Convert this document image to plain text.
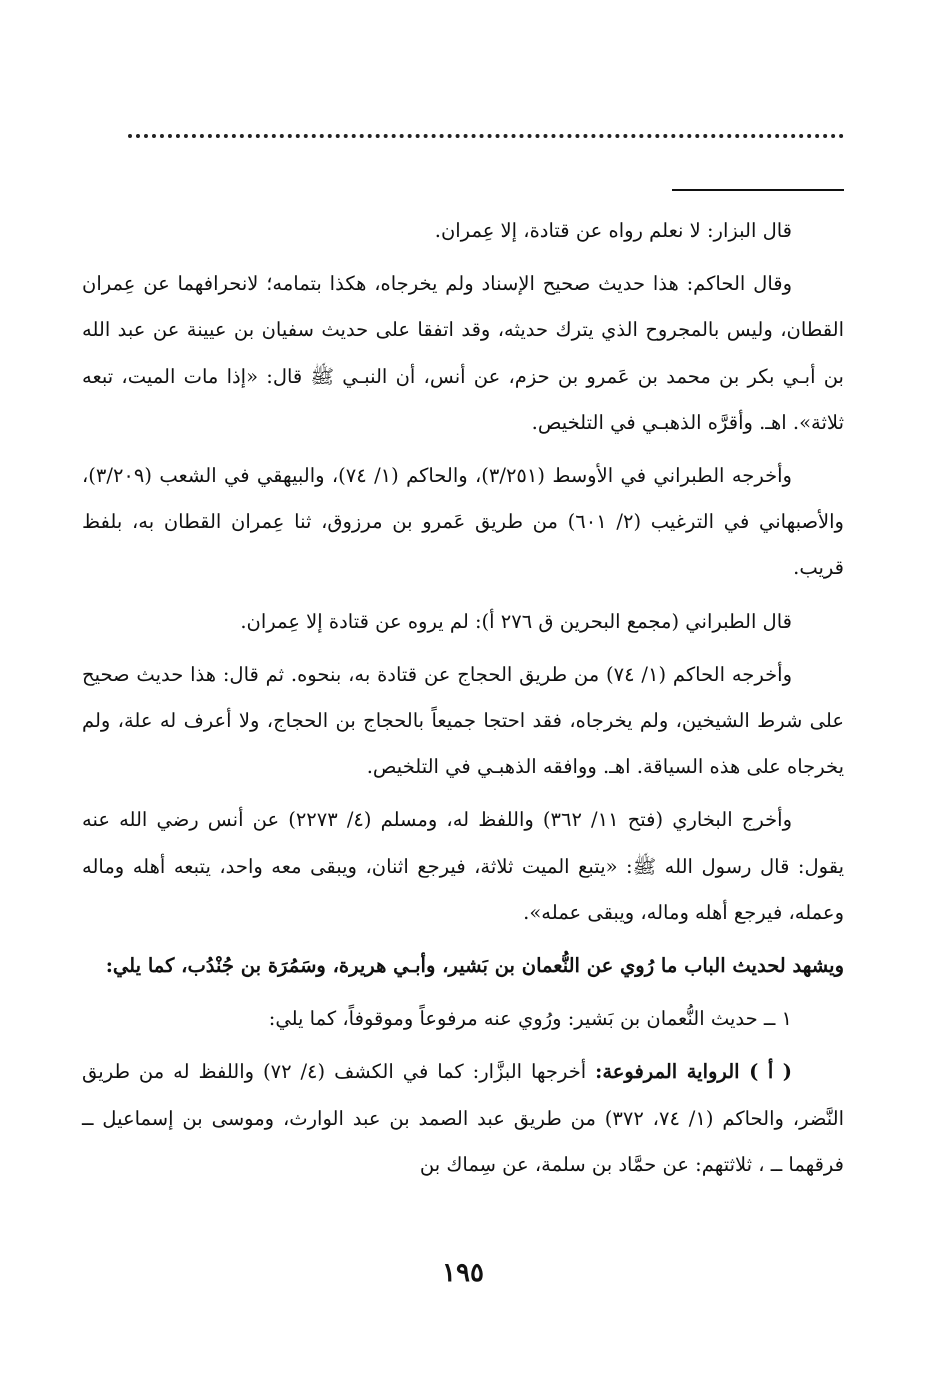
قال البزار: لا نعلم رواه عن قتادة، إلا عِمران.

وقال الحاكم: هذا حديث صحيح الإسناد ولم يخرجاه، هكذا بتمامه؛ لانحرافهما عن عِمران القطان، وليس بالمجروح الذي يترك حديثه، وقد اتفقا على حديث سفيان بن عيينة عن عبد الله بن أبـي بكر بن محمد بن عَمرو بن حزم، عن أنس، أن النبـي ﷺ قال: «إذا مات الميت، تبعه ثلاثة». اهـ. وأقرَّه الذهبـي في التلخيص.

وأخرجه الطبراني في الأوسط (٣/٢٥١)، والحاكم (١/ ٧٤)، والبيهقي في الشعب (٣/٢٠٩)، والأصبهاني في الترغيب (٢/ ٦٠١) من طريق عَمرو بن مرزوق، ثنا عِمران القطان به، بلفظ قريب.

قال الطبراني (مجمع البحرين ق ٢٧٦ أ): لم يروه عن قتادة إلا عِمران.

وأخرجه الحاكم (١/ ٧٤) من طريق الحجاج عن قتادة به، بنحوه. ثم قال: هذا حديث صحيح على شرط الشيخين، ولم يخرجاه، فقد احتجا جميعاً بالحجاج بن الحجاج، ولا أعرف له علة، ولم يخرجاه على هذه السياقة. اهـ. ووافقه الذهبـي في التلخيص.

وأخرج البخاري (فتح ١١/ ٣٦٢) واللفظ له، ومسلم (٤/ ٢٢٧٣) عن أنس رضي الله عنه يقول: قال رسول الله ﷺ: «يتبع الميت ثلاثة، فيرجع اثنان، ويبقى معه واحد، يتبعه أهله وماله وعمله، فيرجع أهله وماله، ويبقى عمله».

ويشهد لحديث الباب ما رُوي عن النُّعمان بن بَشير، وأبـي هريرة، وسَمُرَة بن جُنْدُب، كما يلي:

١ ــ حديث النُّعمان بن بَشير: ورُوي عنه مرفوعاً وموقوفاً، كما يلي:

( أ ) الرواية المرفوعة: أخرجها البزَّار: كما في الكشف (٤/ ٧٢) واللفظ له من طريق النَّضر، والحاكم (١/ ٧٤، ٣٧٢) من طريق عبد الصمد بن عبد الوارث، وموسى بن إسماعيل ــ فرقهما ــ ، ثلاثتهم: عن حمَّاد بن سلمة، عن سِماك بن

١٩٥
